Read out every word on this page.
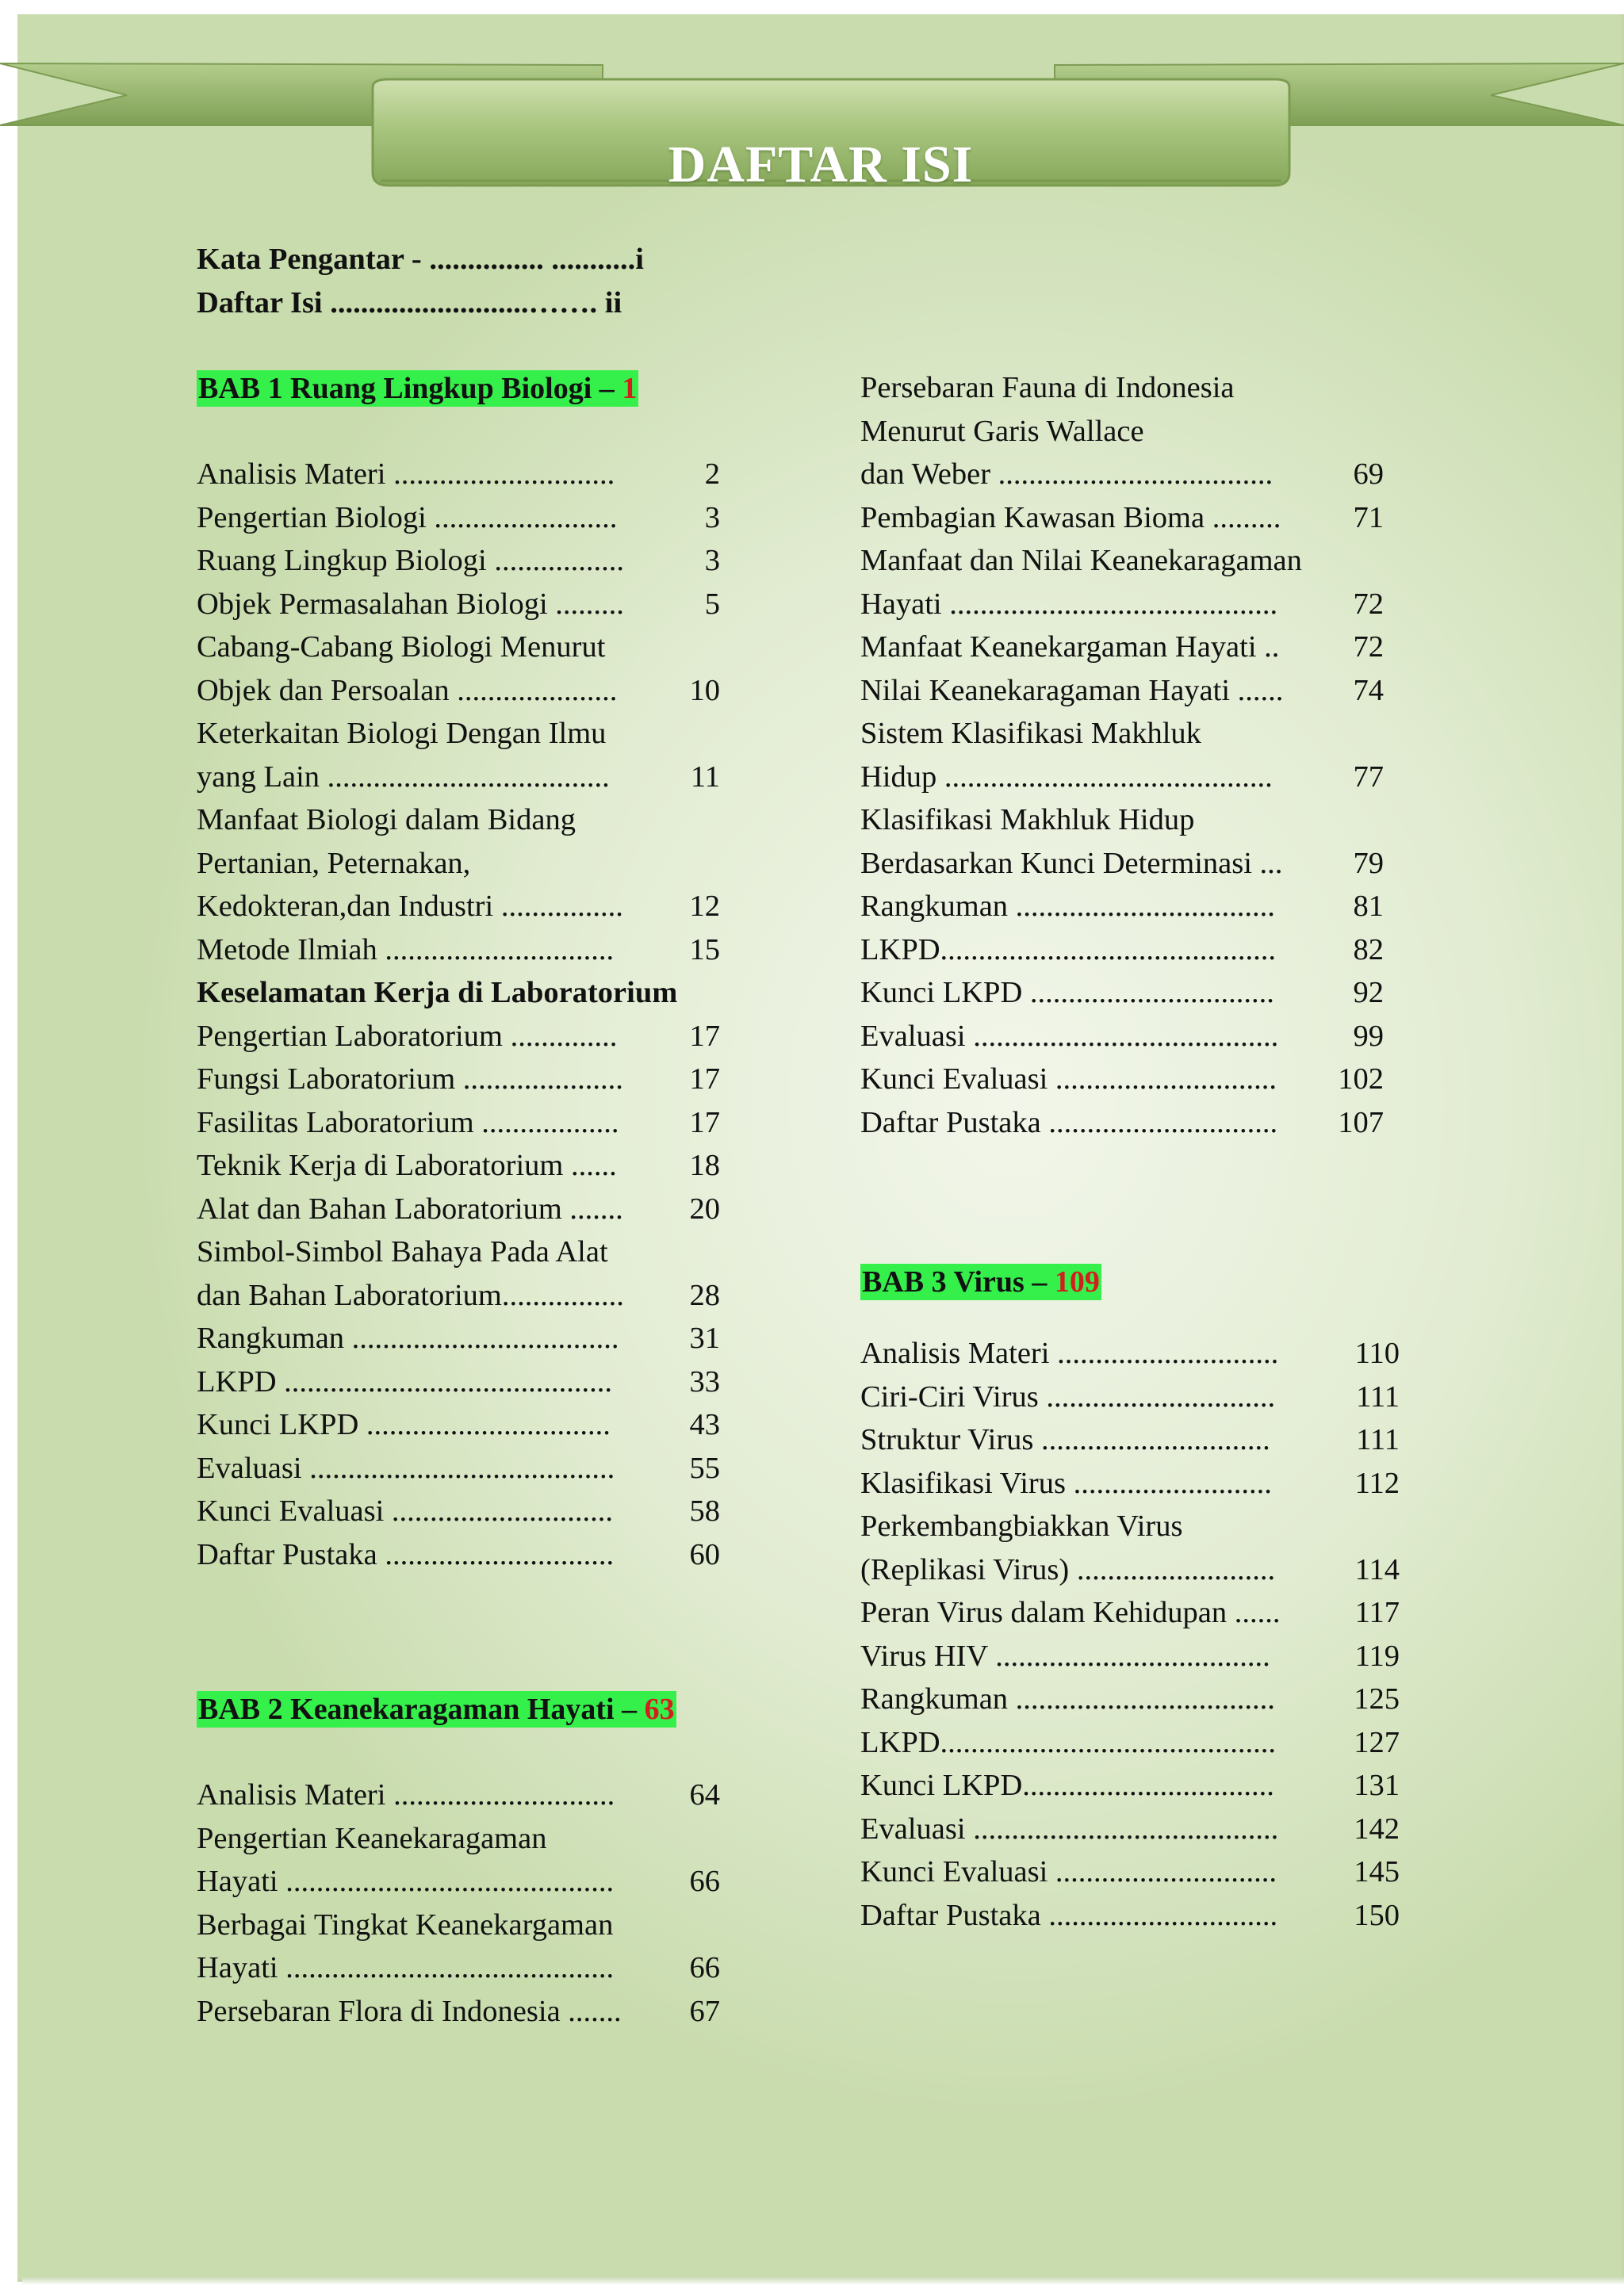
DAFTAR ISI
Kata Pengantar - ............... ...........i
Daftar Isi ..........................……. ii
BAB 1 Ruang Lingkup Biologi – 1
BAB 2 Keanekaragaman Hayati – 63
BAB 3 Virus – 109
Analisis Materi .............................	2
Pengertian Biologi ........................	3
Ruang Lingkup Biologi .................	3
Objek Permasalahan Biologi .........	5
Cabang-Cabang Biologi Menurut
Objek dan Persoalan ..................... 10
Keterkaitan Biologi Dengan Ilmu
yang Lain .....................................	11
Manfaat Biologi dalam Bidang
Pertanian, Peternakan,
Kedokteran,dan Industri ................ 12
Metode Ilmiah .............................. 15
Keselamatan Kerja di Laboratorium
Pengertian Laboratorium .............. 17
Fungsi Laboratorium ..................... 17
Fasilitas Laboratorium .................. 17
Teknik Kerja di Laboratorium ...... 18
Alat dan Bahan Laboratorium ....... 20
Simbol-Simbol Bahaya Pada Alat
dan Bahan Laboratorium................ 28
Rangkuman ................................... 31
LKPD ...........................................	33
Kunci LKPD ................................	43
Evaluasi ........................................ 55
Kunci Evaluasi .............................	58
Daftar Pustaka .............................. 60
Analisis Materi ............................. 64
Pengertian Keanekaragaman
Hayati ........................................... 66
Berbagai Tingkat Keanekargaman
Hayati ........................................... 66
Persebaran Flora di Indonesia ....... 67
Persebaran Fauna di Indonesia
Menurut Garis Wallace
dan Weber ....................................	69
Pembagian Kawasan Bioma ......... 71
Manfaat dan Nilai Keanekaragaman
Hayati ........................................... 72
Manfaat Keanekargaman Hayati .. 72
Nilai Keanekaragaman Hayati ...... 74
Sistem Klasifikasi Makhluk
Hidup ...........................................	77
Klasifikasi Makhluk Hidup
Berdasarkan Kunci Determinasi ... 79
Rangkuman ..................................	81
LKPD............................................	82
Kunci LKPD ................................	92
Evaluasi ........................................ 99
Kunci Evaluasi ............................. 102
Daftar Pustaka .............................. 107
Analisis Materi .............................	110
Ciri-Ciri Virus ..............................	111
Struktur Virus ..............................	111
Klasifikasi Virus ..........................	112
Perkembangbiakkan Virus
(Replikasi Virus) ..........................	114
Peran Virus dalam Kehidupan ...... 117
Virus HIV ....................................	119
Rangkuman ..................................	125
LKPD............................................	127
Kunci LKPD.................................	131
Evaluasi ........................................ 142
Kunci Evaluasi .............................	145
Daftar Pustaka .............................. 150
